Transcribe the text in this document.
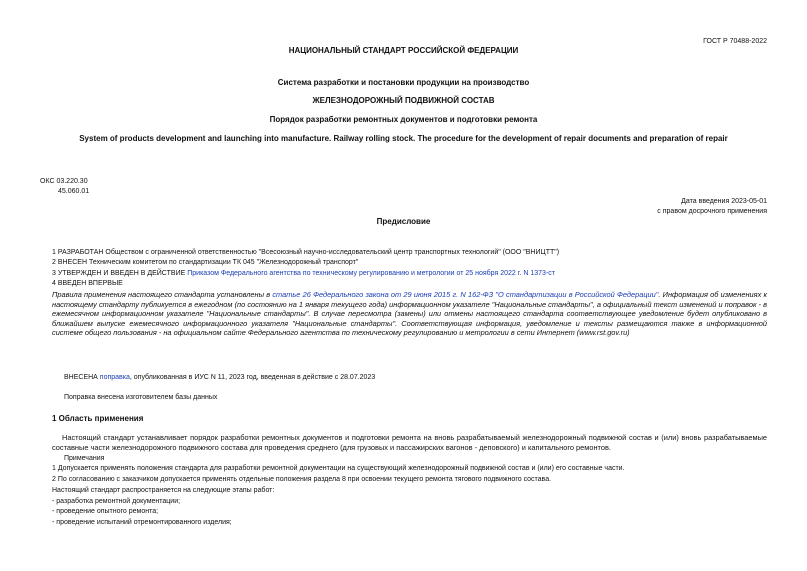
ГОСТ Р 70488-2022
НАЦИОНАЛЬНЫЙ СТАНДАРТ РОССИЙСКОЙ ФЕДЕРАЦИИ
Система разработки и постановки продукции на производство
ЖЕЛЕЗНОДОРОЖНЫЙ ПОДВИЖНОЙ СОСТАВ
Порядок разработки ремонтных документов и подготовки ремонта
System of products development and launching into manufacture. Railway rolling stock. The procedure for the development of repair documents and preparation of repair
ОКС 03.220.30
45.060.01
Дата введения 2023-05-01
с правом досрочного применения
Предисловие
1 РАЗРАБОТАН Обществом с ограниченной ответственностью "Всесоюзный научно-исследовательский центр транспортных технологий" (ООО "ВНИЦТТ")
2 ВНЕСЕН Техническим комитетом по стандартизации ТК 045 "Железнодорожный транспорт"
3 УТВЕРЖДЕН И ВВЕДЕН В ДЕЙСТВИЕ Приказом Федерального агентства по техническому регулированию и метрологии от 25 ноября 2022 г. N 1373-ст
4 ВВЕДЕН ВПЕРВЫЕ
Правила применения настоящего стандарта установлены в статье 26 Федерального закона от 29 июня 2015 г. N 162-ФЗ "О стандартизации в Российской Федерации". Информация об изменениях к настоящему стандарту публикуется в ежегодном (по состоянию на 1 января текущего года) информационном указателе "Национальные стандарты", а официальный текст изменений и поправок - в ежемесячном информационном указателе "Национальные стандарты". В случае пересмотра (замены) или отмены настоящего стандарта соответствующее уведомление будет опубликовано в ближайшем выпуске ежемесячного информационного указателя "Национальные стандарты". Соответствующая информация, уведомление и тексты размещаются также в информационной системе общего пользования - на официальном сайте Федерального агентства по техническому регулированию и метрологии в сети Интернет (www.rst.gov.ru)
ВНЕСЕНА поправка, опубликованная в ИУС N 11, 2023 год, введенная в действие с 28.07.2023
Поправка внесена изготовителем базы данных
1 Область применения
Настоящий стандарт устанавливает порядок разработки ремонтных документов и подготовки ремонта на вновь разрабатываемый железнодорожный подвижной состав и (или) вновь разрабатываемые составные части железнодорожного подвижного состава для проведения среднего (для грузовых и пассажирских вагонов - деповского) и капитального ремонтов.
Примечания
1 Допускается применять положения стандарта для разработки ремонтной документации на существующий железнодорожный подвижной состав и (или) его составные части.
2 По согласованию с заказчиком допускается применять отдельные положения раздела 8 при освоении текущего ремонта тягового подвижного состава.
Настоящий стандарт распространяется на следующие этапы работ:
- разработка ремонтной документации;
- проведение опытного ремонта;
- проведение испытаний отремонтированного изделия;
